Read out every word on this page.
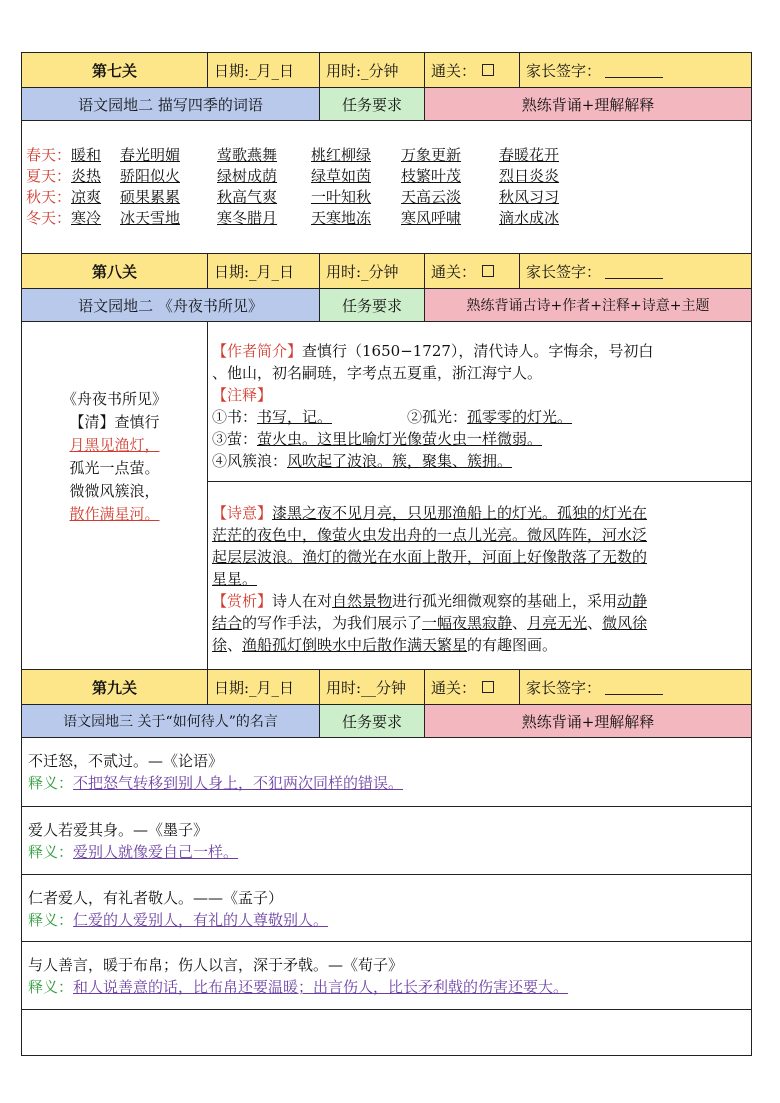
第七关	日期:_月_日	用时:_分钟	通关：	家长签字：
语文园地二 描写四季的词语	任务要求	熟练背诵+理解解释
春天：暖和 春光明媚 莺歌燕舞 桃红柳绿 万象更新	春暖花开
夏天：炎热 骄阳似火 绿树成荫 绿草如茵 枝繁叶茂	烈日炎炎
秋天：凉爽 硕果累累 秋高气爽 一叶知秋 天高云淡	秋风习习
冬天：寒冷 冰天雪地 寒冬腊月 天寒地冻 寒风呼啸	滴水成冰
第八关	日期:_月_日	用时:_分钟	通关：	家长签字：
语文园地二 《舟夜书所见》	任务要求	熟练背诵古诗+作者+注释+诗意+主题
《舟夜书所见》
【清】查慎行
月黑见渔灯，
孤光一点萤。
微微风簇浪，
散作满星河。
【作者简介】查慎行（1650−1727），清代诗人。字悔余，号初白
、他山，初名嗣琏，字考点五夏重，浙江海宁人。
【注释】
①书：书写，记。	②孤光：孤零零的灯光。
③萤：萤火虫。这里比喻灯光像萤火虫一样微弱。
④风簇浪：风吹起了波浪。簇，聚集、簇拥。
【诗意】漆黑之夜不见月亮，只见那渔船上的灯光。孤独的灯光在
茫茫的夜色中，像萤火虫发出舟的一点儿光亮。微风阵阵，河水泛
起层层波浪。渔灯的微光在水面上散开，河面上好像散落了无数的
星星。
【赏析】诗人在对自然景物进行孤光细微观察的基础上，采用动静
结合的写作手法，为我们展示了一幅夜黑寂静、月亮无光、微风徐
徐、渔船孤灯倒映水中后散作满天繁星的有趣图画。
第九关	日期:_月_日	用时:__分钟	通关：	家长签字：
语文园地三 关于“如何待人”的名言	任务要求	熟练背诵+理解解释
不迁怒，不贰过。—《论语》
释义：不把怒气转移到别人身上，不犯两次同样的错误。
爱人若爱其身。—《墨子》
释义：爱别人就像爱自己一样。
仁者爱人，有礼者敬人。——《孟子）
释义：仁爱的人爱别人，有礼的人尊敬别人。
与人善言，暖于布帛；伤人以言，深于矛戟。—《荀子》
释义：和人说善意的话，比布帛还要温暖；出言伤人，比长矛利戟的伤害还要大。
